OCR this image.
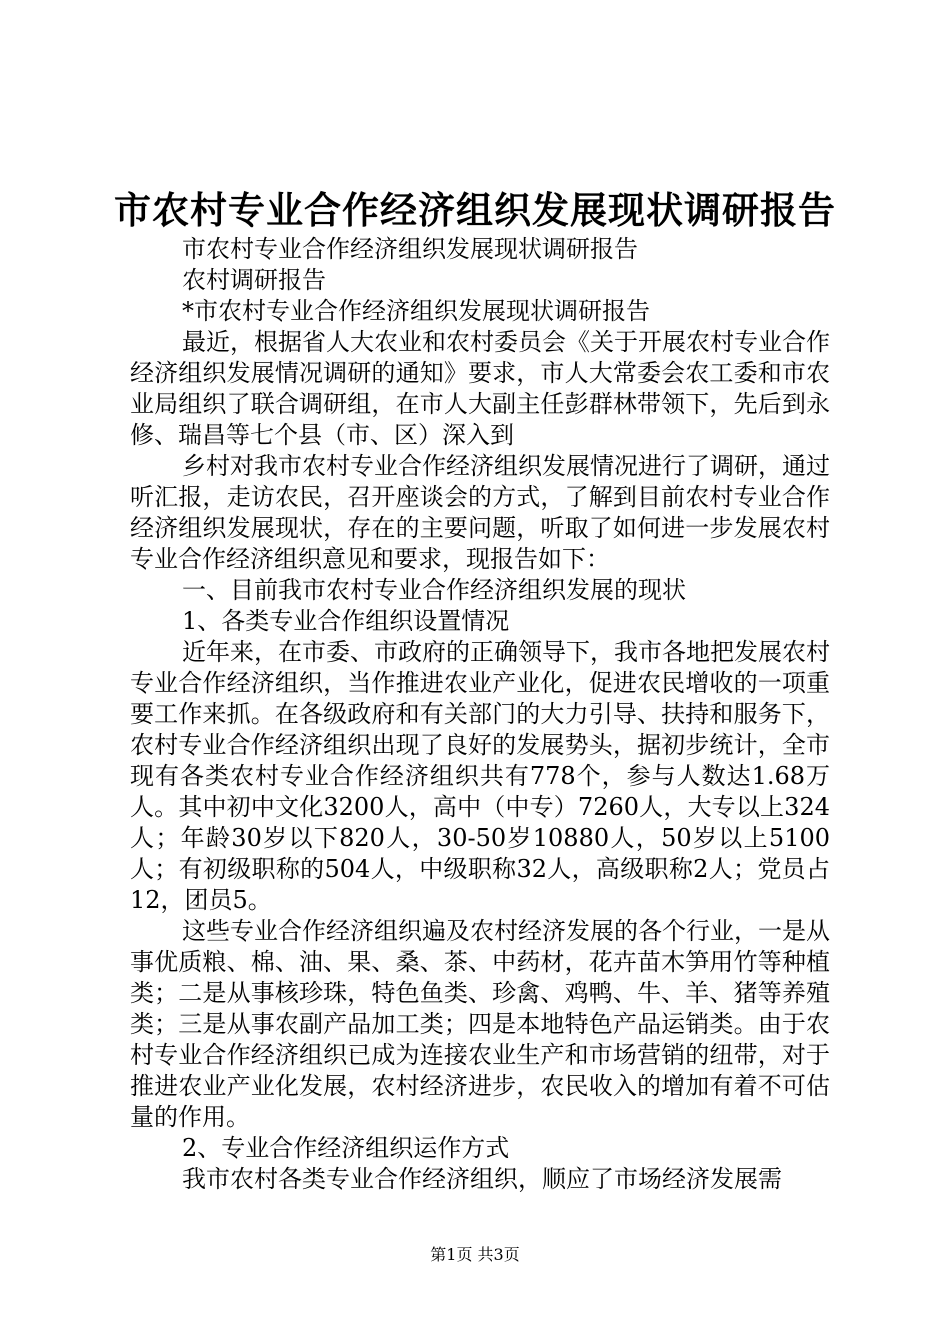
市农村专业合作经济组织发展现状调研报告

市农村专业合作经济组织发展现状调研报告

农村调研报告

*市农村专业合作经济组织发展现状调研报告

最近，根据省人大农业和农村委员会《关于开展农村专业合作经济组织发展情况调研的通知》要求，市人大常委会农工委和市农业局组织了联合调研组，在市人大副主任彭群林带领下，先后到永修、瑞昌等七个县（市、区）深入到

乡村对我市农村专业合作经济组织发展情况进行了调研，通过听汇报，走访农民，召开座谈会的方式，了解到目前农村专业合作经济组织发展现状，存在的主要问题，听取了如何进一步发展农村专业合作经济组织意见和要求，现报告如下：

一、目前我市农村专业合作经济组织发展的现状

1、各类专业合作组织设置情况

近年来，在市委、市政府的正确领导下，我市各地把发展农村专业合作经济组织，当作推进农业产业化，促进农民增收的一项重要工作来抓。在各级政府和有关部门的大力引导、扶持和服务下，农村专业合作经济组织出现了良好的发展势头，据初步统计，全市现有各类农村专业合作经济组织共有778个，参与人数达1.68万人。其中初中文化3200人，高中（中专）7260人，大专以上324人；年龄30岁以下820人，30-50岁10880人，50岁以上5100人；有初级职称的504人，中级职称32人，高级职称2人；党员占12，团员5。

这些专业合作经济组织遍及农村经济发展的各个行业，一是从事优质粮、棉、油、果、桑、茶、中药材，花卉苗木笋用竹等种植类；二是从事核珍珠，特色鱼类、珍禽、鸡鸭、牛、羊、猪等养殖类；三是从事农副产品加工类；四是本地特色产品运销类。由于农村专业合作经济组织已成为连接农业生产和市场营销的纽带，对于推进农业产业化发展，农村经济进步，农民收入的增加有着不可估量的作用。

2、专业合作经济组织运作方式

我市农村各类专业合作经济组织，顺应了市场经济发展需

第1页 共3页
